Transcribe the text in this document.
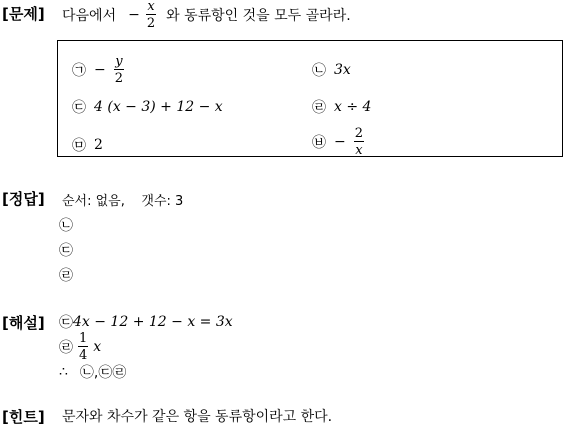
[문제] 다음에서 − $\frac{x}{2}$ 와 동류항인 것을 모두 골라라.
㉠ − $\frac{y}{2}$	㉡ 3x
㉢ 4 (x − 3) + 12 − x	㉣ x ÷ 4
㉤ 2	㉥ − $\frac{2}{x}$
[정답] 순서: 없음,    갯수: 3
㉡
㉢
㉣
[해설] ㉢ 4x − 12 + 12 − x = 3x
㉣ $\frac{1}{4}$ x
∴ ㉡,㉢㉣
[힌트] 문자와 차수가 같은 항을 동류항이라고 한다.
